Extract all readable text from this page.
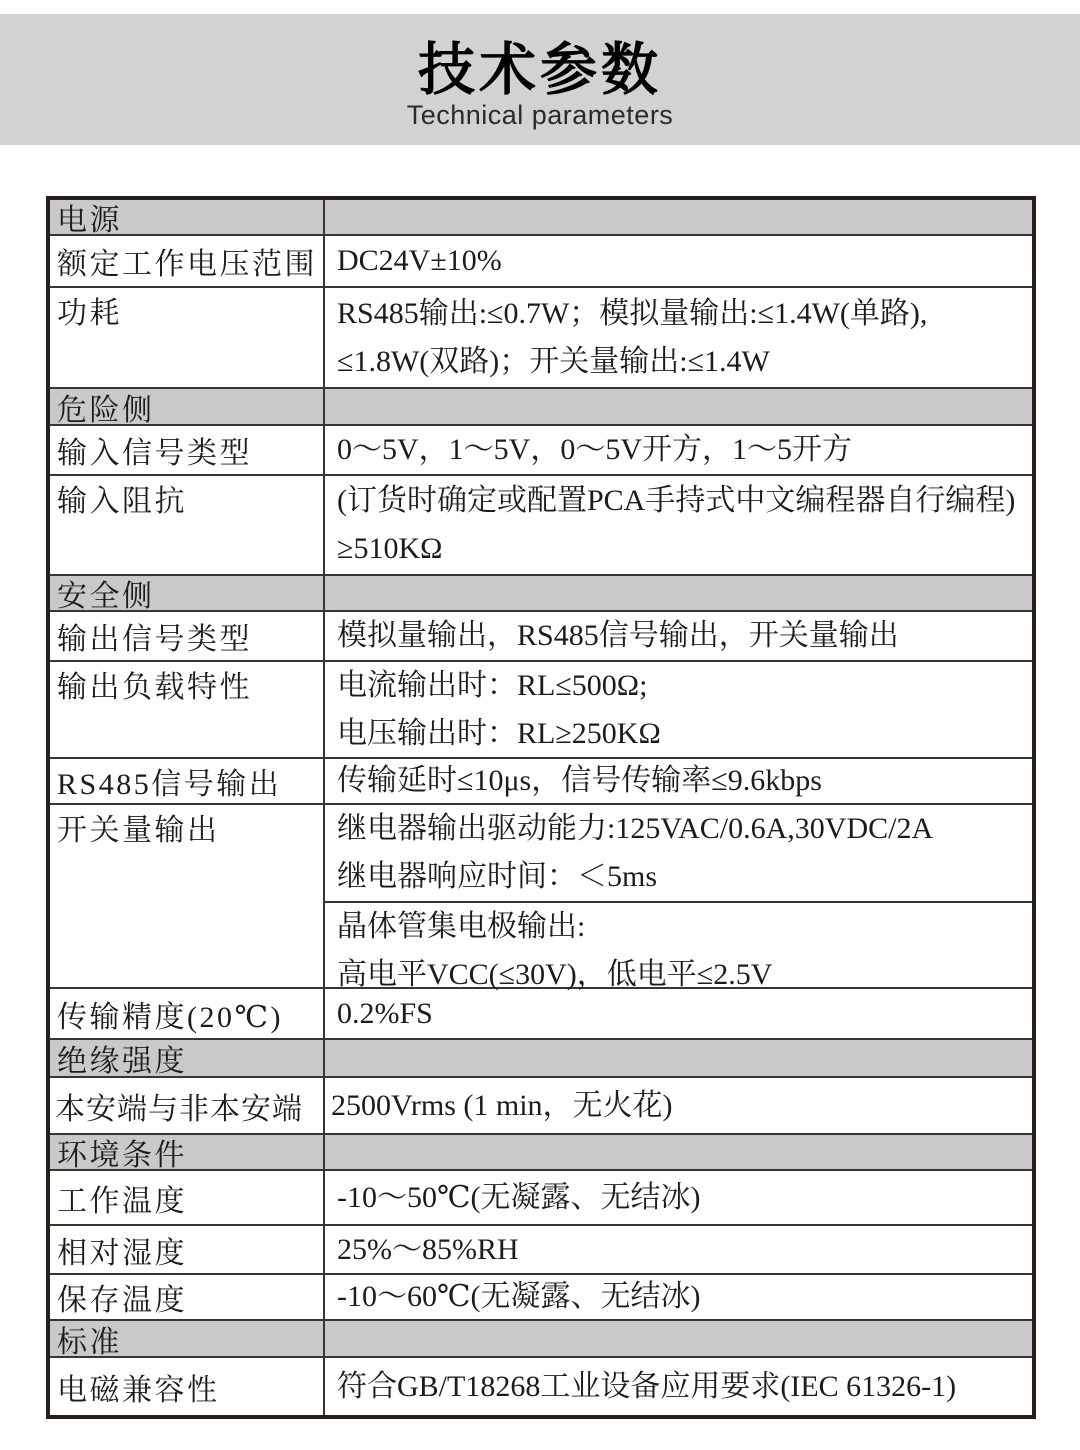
技术参数
Technical parameters
电源
额定工作电压范围 DC24V±10%
功耗	RS485输出:≤0.7W；模拟量输出:≤1.4W(单路),
≤1.8W(双路)；开关量输出:≤1.4W
危险侧
输入信号类型	0～5V，1～5V，0～5V开方，1～5开方
输入阻抗	(订货时确定或配置PCA手持式中文编程器自行编程)
≥510KΩ
安全侧
输出信号类型	模拟量输出，RS485信号输出，开关量输出
输出负载特性	电流输出时：RL≤500Ω;
电压输出时：RL≥250KΩ
RS485信号输出	传输延时≤10μs，信号传输率≤9.6kbps
开关量输出	继电器输出驱动能力:125VAC/0.6A,30VDC/2A
继电器响应时间：＜5ms
晶体管集电极输出:
高电平VCC(≤30V)，低电平≤2.5V
传输精度(20℃)	0.2%FS
绝缘强度
本安端与非本安端 2500Vrms (1 min，无火花)
环境条件
工作温度	-10～50℃(无凝露、无结冰)
相对湿度	25%～85%RH
保存温度	-10～60℃(无凝露、无结冰)
标准
电磁兼容性	符合GB/T18268工业设备应用要求(IEC 61326-1)
